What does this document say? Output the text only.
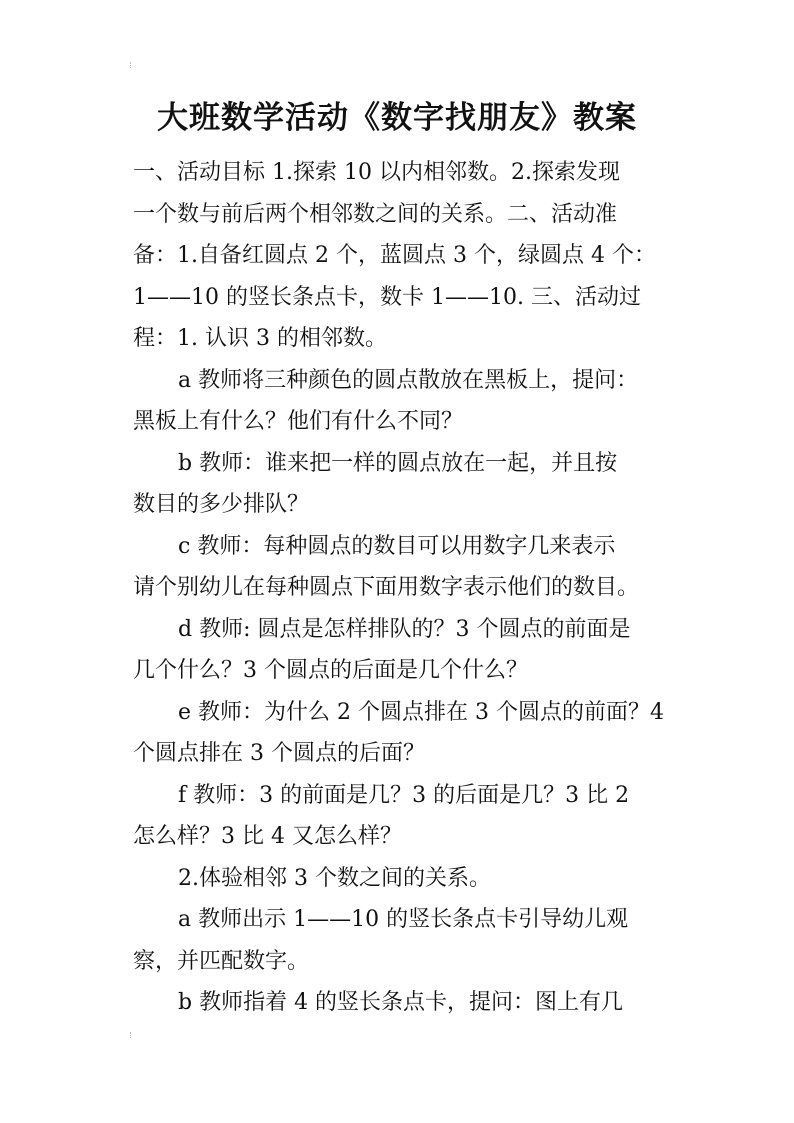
大班数学活动《数字找朋友》教案

一、活动目标 1.探索 10 以内相邻数。2.探索发现

一个数与前后两个相邻数之间的关系。二、活动准

备：1.自备红圆点 2 个，蓝圆点 3 个，绿圆点 4 个：

1——10 的竖长条点卡，数卡 1——10. 三、活动过

程：1. 认识 3 的相邻数。

a 教师将三种颜色的圆点散放在黑板上，提问：

黑板上有什么？他们有什么不同？

b 教师：谁来把一样的圆点放在一起，并且按

数目的多少排队？

c 教师：每种圆点的数目可以用数字几来表示

请个别幼儿在每种圆点下面用数字表示他们的数目。

d 教师: 圆点是怎样排队的？3 个圆点的前面是

几个什么？3 个圆点的后面是几个什么？

e 教师：为什么 2 个圆点排在 3 个圆点的前面？4

个圆点排在 3 个圆点的后面？

f 教师：3 的前面是几？3 的后面是几？3 比 2

怎么样？3 比 4 又怎么样？

2.体验相邻 3 个数之间的关系。

a 教师出示 1——10 的竖长条点卡引导幼儿观

察，并匹配数字。

b 教师指着 4 的竖长条点卡，提问：图上有几
